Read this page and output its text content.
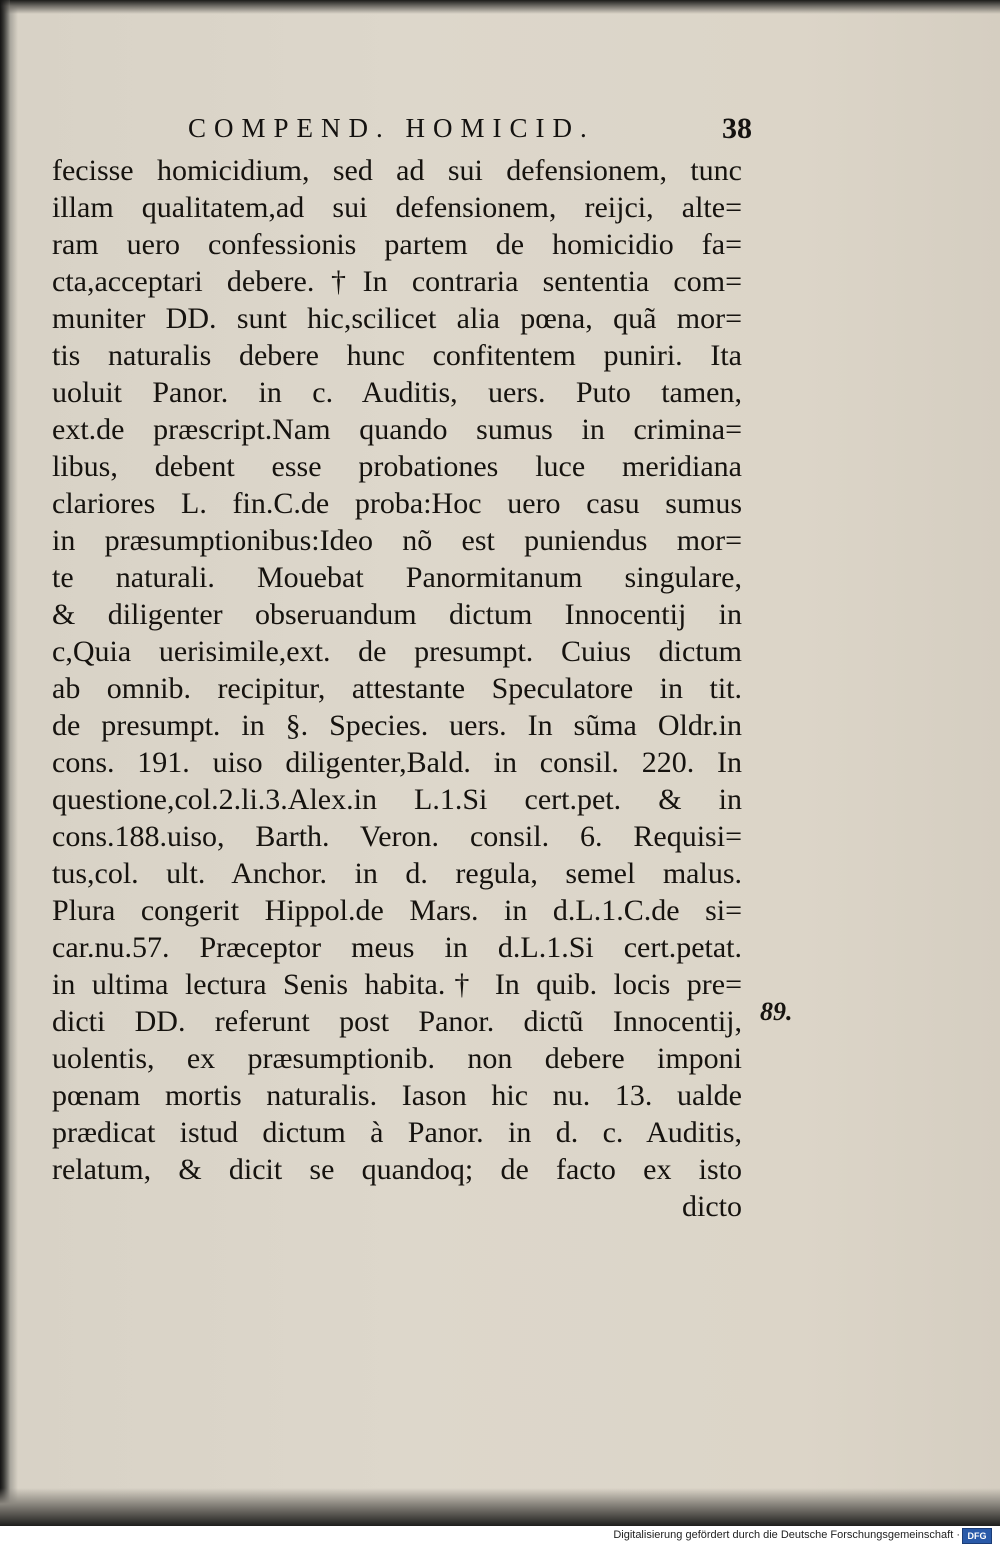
COMPEND. HOMICID.	38
fecisse homicidium, sed ad sui defensionem, tunc
illam qualitatem,ad sui defensionem, reijci, alte=
ram uero confessionis partem de homicidio fa=
cta,acceptari debere.†In contraria sententia com=
muniter DD. sunt hic,scilicet alia pœna, quã mor=
tis naturalis debere hunc confitentem puniri. Ita
uoluit Panor. in c. Auditis, uers. Puto tamen,
ext.de præscript.Nam quando sumus in crimina=
libus, debent esse probationes luce meridiana
clariores L. fin.C.de proba:Hoc uero casu sumus
in præsumptionibus:Ideo nõ est puniendus mor=
te naturali. Mouebat Panormitanum singulare,
& diligenter obseruandum dictum Innocentij in
c,Quia uerisimile,ext. de presumpt. Cuius dictum
ab omnib. recipitur, attestante Speculatore in tit.
de presumpt. in §. Species. uers. In sũma Oldr.in
cons. 191. uiso diligenter,Bald. in consil. 220. In
questione,col.2.li.3.Alex.in L.1.Si cert.pet. & in
cons.188.uiso, Barth. Veron. consil. 6. Requisi=
tus,col. ult. Anchor. in d. regula, semel malus.
Plura congerit Hippol.de Mars. in d.L.1.C.de si=
car.nu.57. Præceptor meus in d.L.1.Si cert.petat.
in ultima lectura Senis habita.† In quib. locis pre=
dicti DD. referunt post Panor. dictũ Innocentij,
uolentis, ex præsumptionib. non debere imponi
pœnam mortis naturalis. Iason hic nu. 13. ualde
prædicat istud dictum à Panor. in d. c. Auditis,
relatum, & dicit se quandoq; de facto ex isto
dicto
89.
Digitalisierung gefördert durch die Deutsche Forschungsgemeinschaft · DFG
